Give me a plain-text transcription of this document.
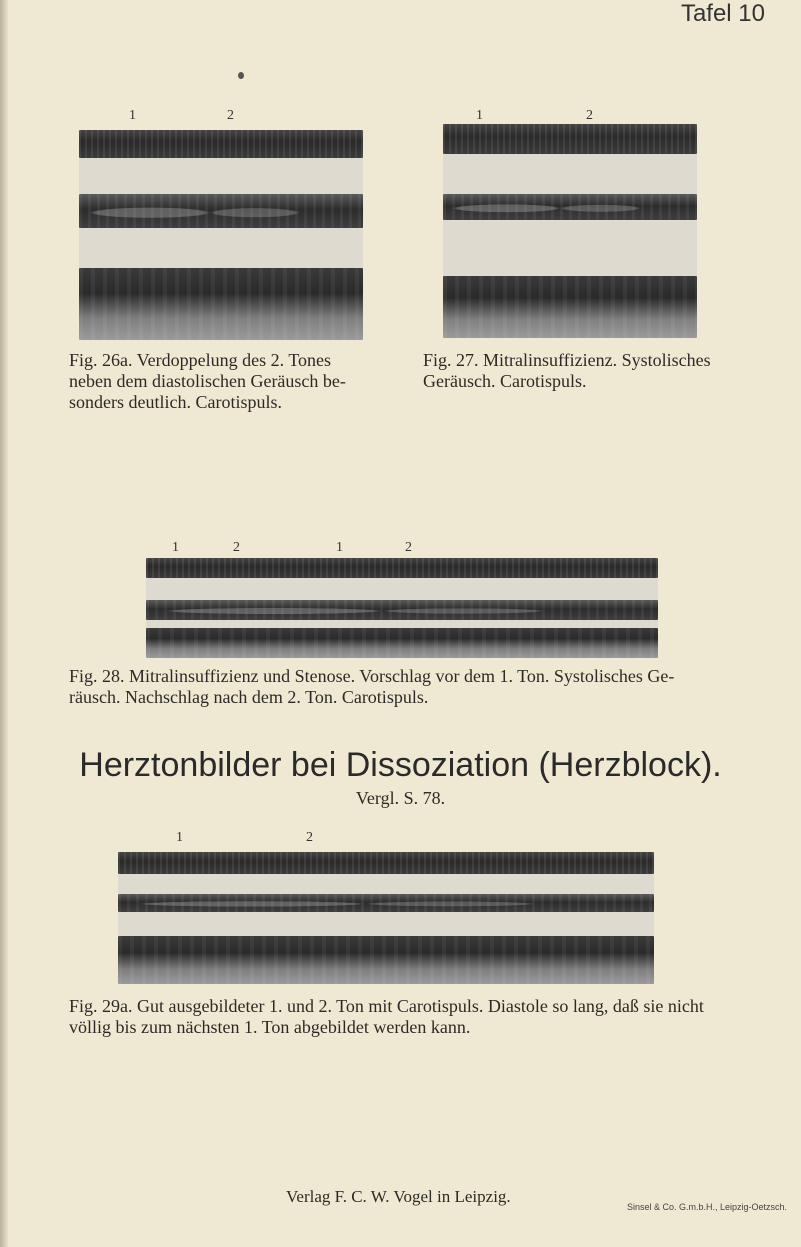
Tafel 10
1	2
Fig. 26a. Verdoppelung des 2. Tones neben dem diastolischen Geräusch be- sonders deutlich. Carotispuls.
1	2
Fig. 27. Mitralinsuffizienz. Systolisches Geräusch. Carotispuls.
1	2	1	2
Fig. 28. Mitralinsuffizienz und Stenose. Vorschlag vor dem 1. Ton. Systolisches Ge- räusch. Nachschlag nach dem 2. Ton. Carotispuls.
Herztonbilder bei Dissoziation (Herzblock).
Vergl. S. 78.
1	2
Fig. 29a. Gut ausgebildeter 1. und 2. Ton mit Carotispuls. Diastole so lang, daß sie nicht völlig bis zum nächsten 1. Ton abgebildet werden kann.
Verlag F. C. W. Vogel in Leipzig.
Sinsel & Co. G.m.b.H., Leipzig-Oetzsch.
